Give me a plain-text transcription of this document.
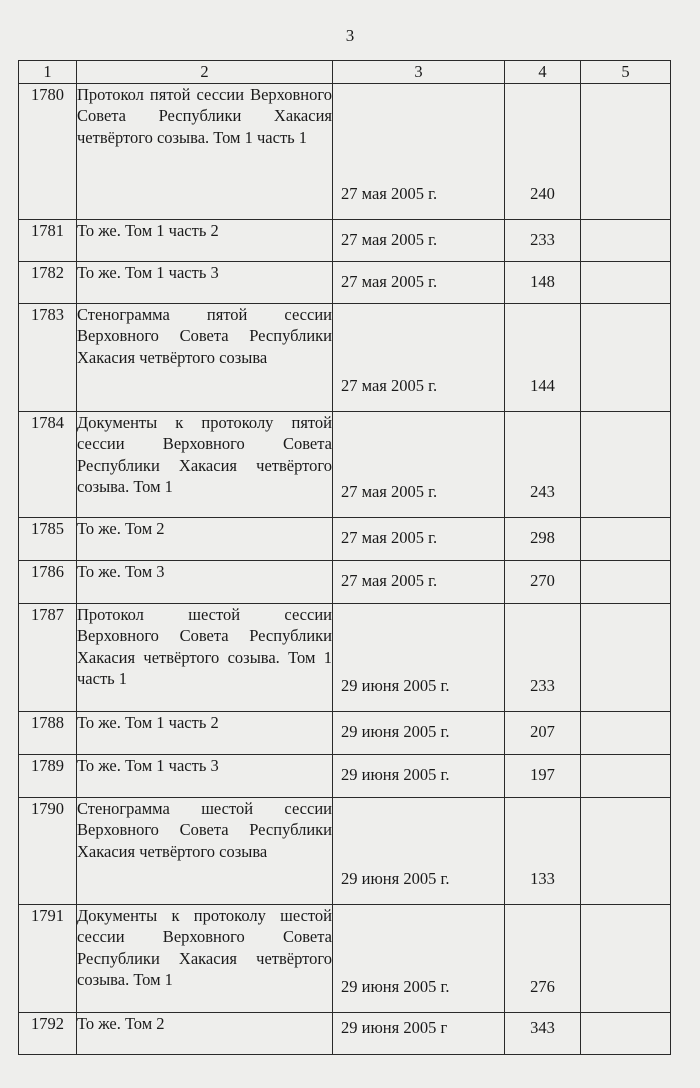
3
1	2	3	4	5
1780	Протокол пятой сессии Верховного Совета Республики Хакасия четвёртого созыва. Том 1 часть 1	27 мая 2005 г.	240	

1781	То же. Том 1 часть 2	27 мая 2005 г.	233	

1782	То же. Том 1 часть 3	27 мая 2005 г.	148	

1783	Стенограмма пятой сессии Верховного Совета Республики Хакасия четвёртого созыва	27 мая 2005 г.	144	

1784	Документы к протоколу пятой сессии Верховного Совета Республики Хакасия четвёртого созыва. Том 1	27 мая 2005 г.	243	

1785	То же. Том 2	27 мая 2005 г.	298	

1786	То же. Том 3	27 мая 2005 г.	270	

1787	Протокол шестой сессии Верховного Совета Республики Хакасия четвёртого созыва. Том 1 часть 1	29 июня 2005 г.	233	

1788	То же. Том 1 часть 2	29 июня 2005 г.	207	

1789	То же. Том 1 часть 3	29 июня 2005 г.	197	

1790	Стенограмма шестой сессии Верховного Совета Республики Хакасия четвёртого созыва	29 июня 2005 г.	133	

1791	Документы к протоколу шестой сессии Верховного Совета Республики Хакасия четвёртого созыва. Том 1	29 июня 2005 г.	276	

1792	То же. Том 2	29 июня 2005 г	343	
